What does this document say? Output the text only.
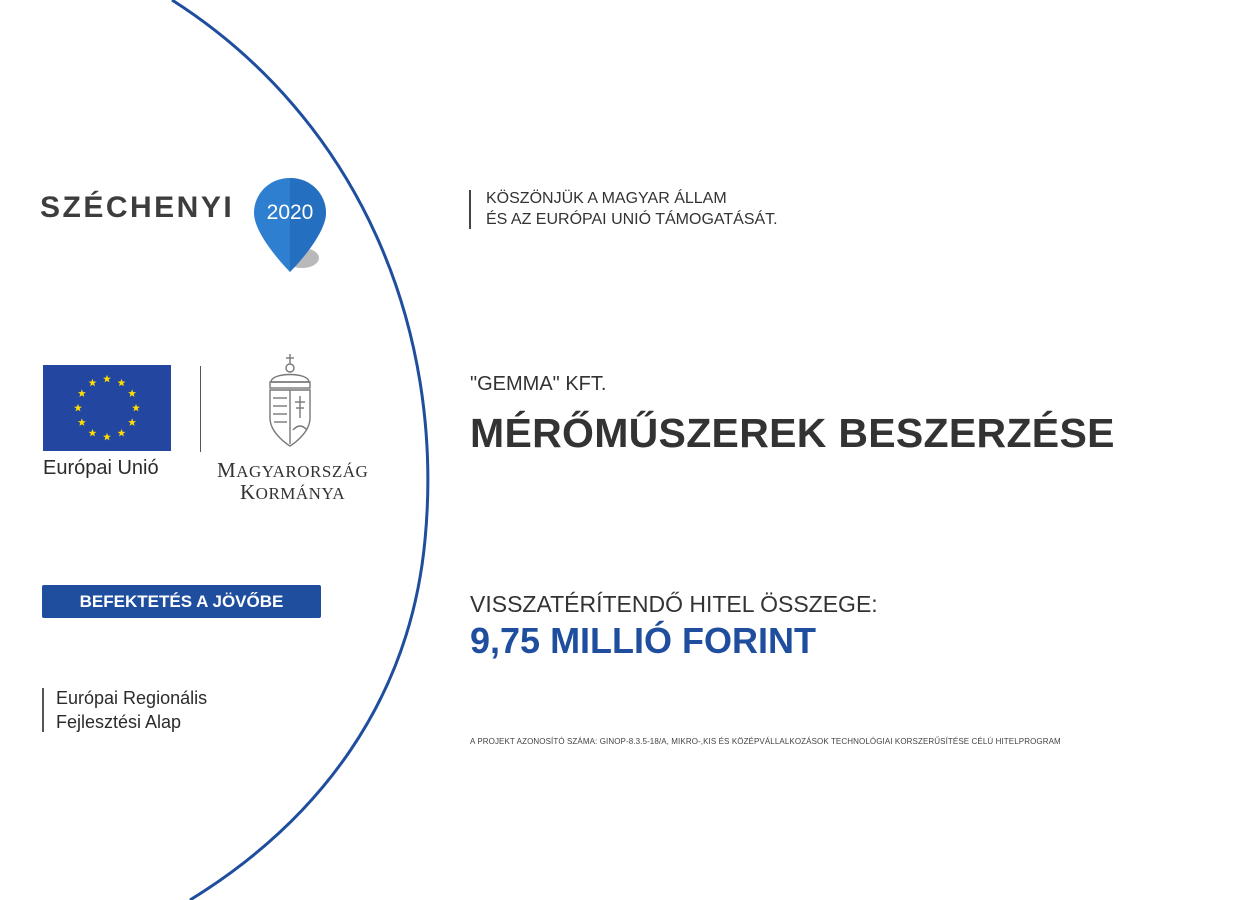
SZÉCHENYI 2020
Európai Unió	MAGYARORSZÁG
KORMÁNYA
BEFEKTETÉS A JÖVŐBE
Európai Regionális
Fejlesztési Alap
KÖSZÖNJÜK A MAGYAR ÁLLAM
ÉS AZ EURÓPAI UNIÓ TÁMOGATÁSÁT.
"GEMMA" KFT.
MÉRŐMŰSZEREK BESZERZÉSE
VISSZATÉRÍTENDŐ HITEL ÖSSZEGE:
9,75 MILLIÓ FORINT
A PROJEKT AZONOSÍTÓ SZÁMA: GINOP-8.3.5-18/A, MIKRO-,KIS ÉS KÖZÉPVÁLLALKOZÁSOK TECHNOLÓGIAI KORSZERŰSÍTÉSE CÉLÚ HITELPROGRAM
